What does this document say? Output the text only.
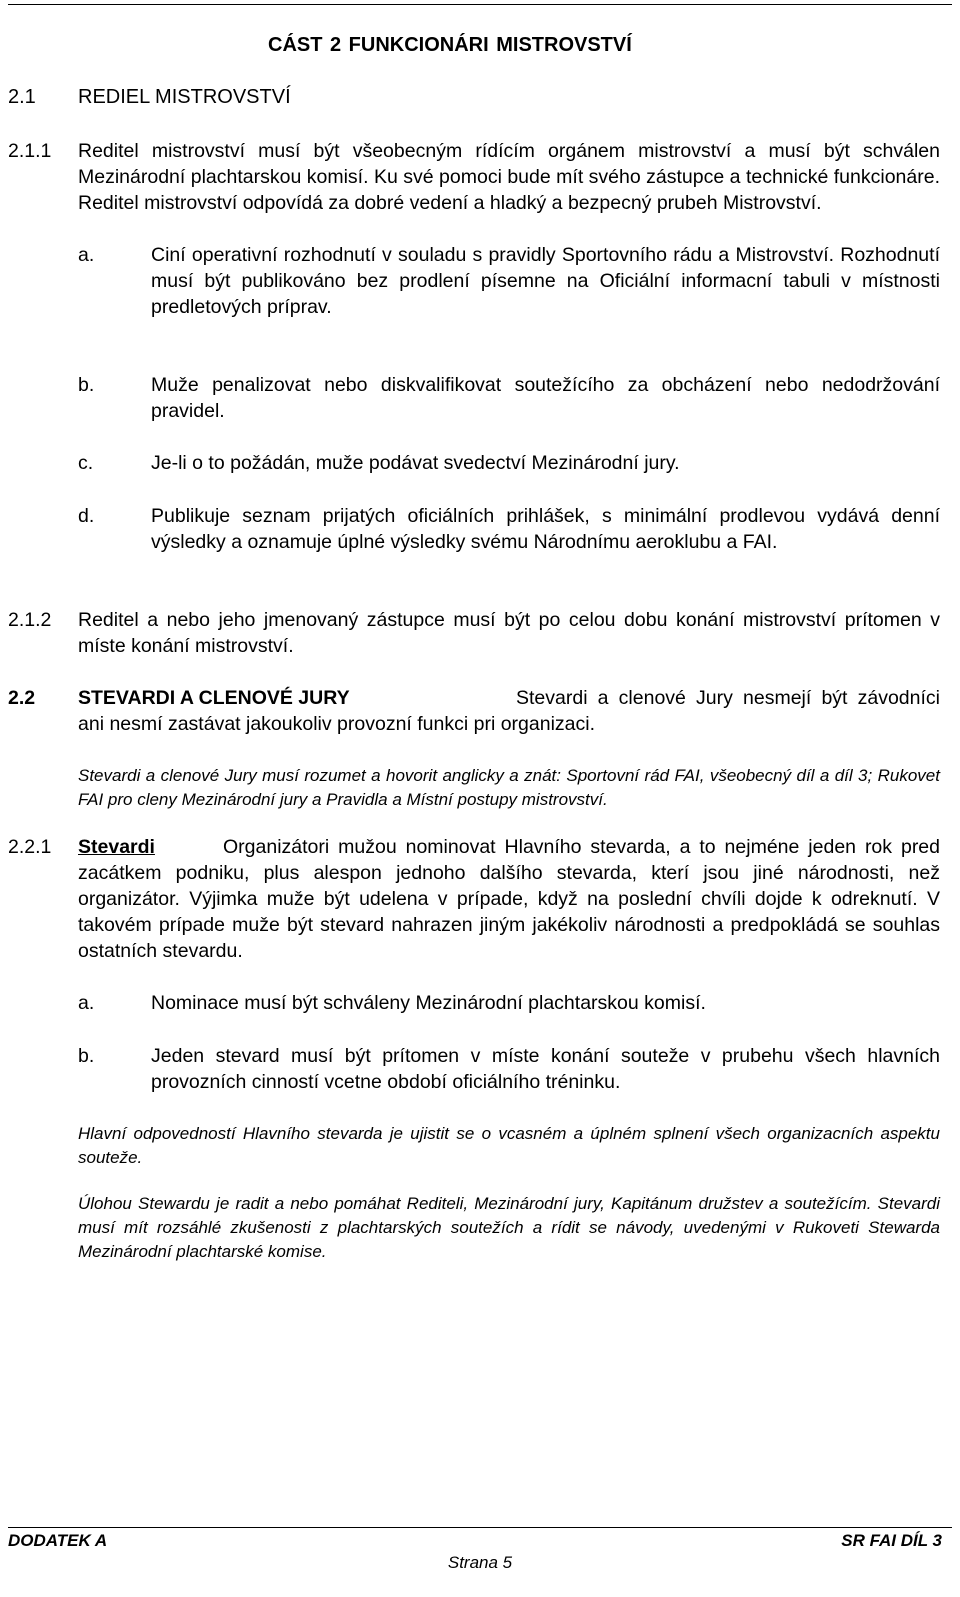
CÁST 2 FUNKCIONÁRI MISTROVSTVÍ
2.1 REDIEL MISTROVSTVÍ
2.1.1 Reditel mistrovství musí být všeobecným rídícím orgánem mistrovství a musí být schválen Mezinárodní plachtarskou komisí. Ku své pomoci bude mít svého zástupce a technické funkcionáre. Reditel mistrovství odpovídá za dobré vedení a hladký a bezpecný prubeh Mistrovství.
a.	Ciní operativní rozhodnutí v souladu s pravidly Sportovního rádu a Mistrovství. Rozhodnutí musí být publikováno bez prodlení písemne na Oficiální informacní tabuli v místnosti predletových príprav.
b.	Muže penalizovat nebo diskvalifikovat soutežícího za obcházení nebo nedodržování pravidel.
c.	Je-li o to požádán, muže podávat svedectví Mezinárodní jury.
d.	Publikuje seznam prijatých oficiálních prihlášek, s minimální prodlevou vydává denní výsledky a oznamuje úplné výsledky svému Národnímu aeroklubu a FAI.
2.1.2 Reditel a nebo jeho jmenovaný zástupce musí být po celou dobu konání mistrovství prítomen v míste konání mistrovství.
2.2 STEVARDI A CLENOVÉ JURY	Stevardi a clenové Jury nesmejí být závodníci ani nesmí zastávat jakoukoliv provozní funkci pri organizaci.
Stevardi a clenové Jury musí rozumet a hovorit anglicky a znát: Sportovní rád FAI, všeobecný díl a díl 3; Rukovet FAI pro cleny Mezinárodní jury a Pravidla a Místní postupy mistrovství.
2.2.1 Stevardi	Organizátori mužou nominovat Hlavního stevarda, a to nejméne jeden rok pred zacátkem podniku, plus alespon jednoho dalšího stevarda, kterí jsou jiné národnosti, než organizátor. Výjimka muže být udelena v prípade, když na poslední chvíli dojde k odreknutí. V takovém prípade muže být stevard nahrazen jiným jakékoliv národnosti a predpokládá se souhlas ostatních stevardu.
a.	Nominace musí být schváleny Mezinárodní plachtarskou komisí.
b.	Jeden stevard musí být prítomen v míste konání souteže v prubehu všech hlavních provozních cinností vcetne období oficiálního tréninku.
Hlavní odpovedností Hlavního stevarda je ujistit se o vcasném a úplném splnení všech organizacních aspektu souteže.
Úlohou Stewardu je radit a nebo pomáhat Rediteli, Mezinárodní jury, Kapitánum družstev a soutežícím. Stevardi musí mít rozsáhlé zkušenosti z plachtarských soutežích a rídit se návody, uvedenými v Rukoveti Stewarda Mezinárodní plachtarské komise.
DODATEK A	SR FAI DÍL 3
Strana 5
